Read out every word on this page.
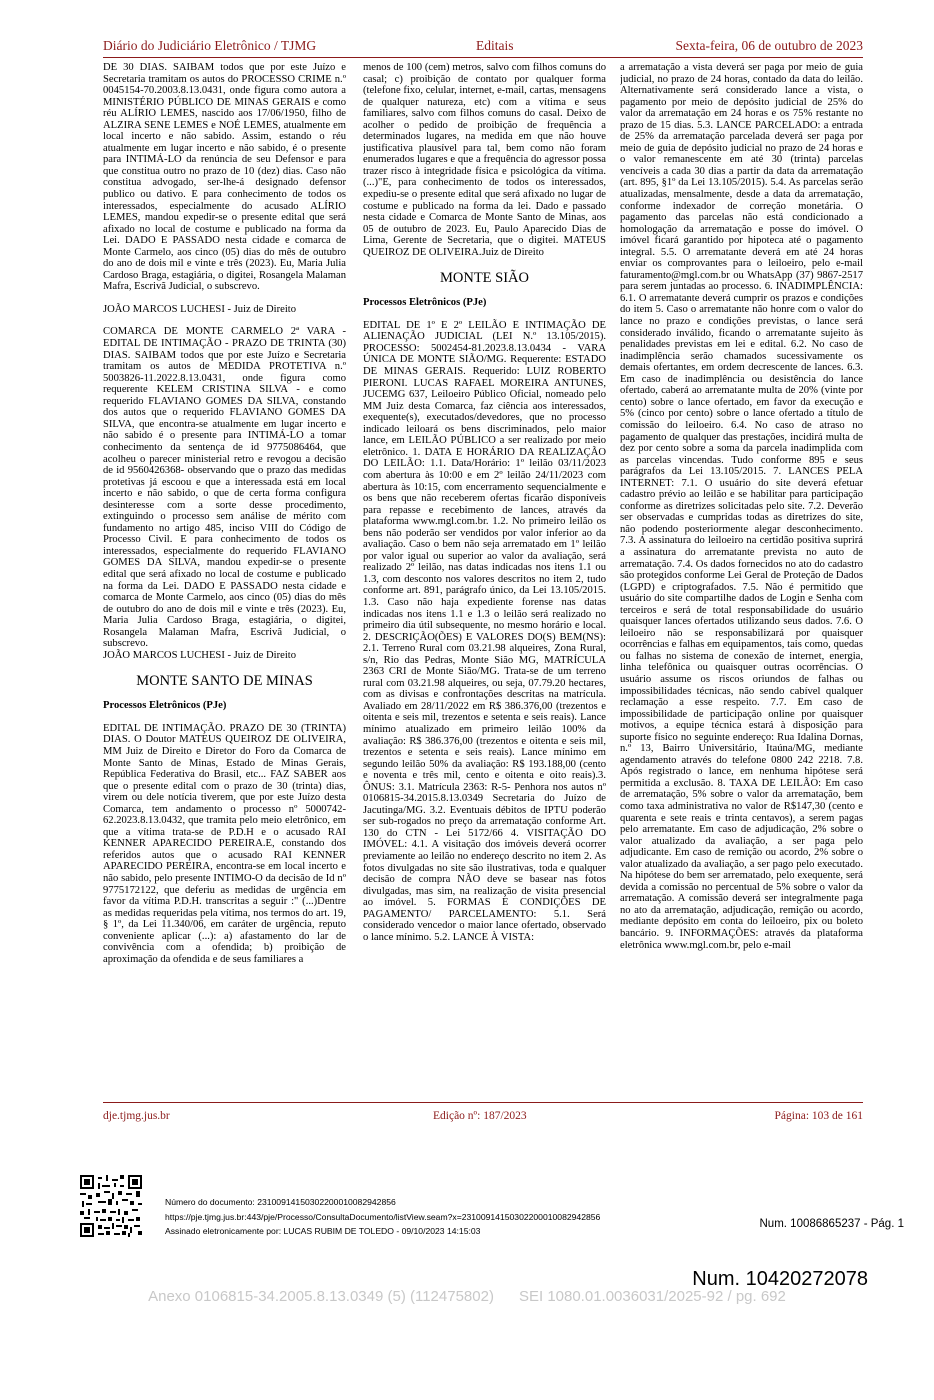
Diário do Judiciário Eletrônico / TJMG	Editais	Sexta-feira, 06 de outubro de 2023

DE 30 DIAS. SAIBAM todos que por este Juízo e Secretaria tramitam os autos do PROCESSO CRIME n.º 0045154-70.2003.8.13.0431, onde figura como autora a MINISTÉRIO PÚBLICO DE MINAS GERAIS e como réu ALÍRIO LEMES, nascido aos 17/06/1950, filho de ALZIRA SENE LEMES e NOÉ LEMES, atualmente em local incerto e não sabido. Assim, estando o réu atualmente em lugar incerto e não sabido, é o presente para INTIMÁ-LO da renúncia de seu Defensor e para que constitua outro no prazo de 10 (dez) dias. Caso não constitua advogado, ser-lhe-á designado defensor publico ou dativo. E para conhecimento de todos os interessados, especialmente do acusado ALÍRIO LEMES, mandou expedir-se o presente edital que será afixado no local de costume e publicado na forma da Lei. DADO E PASSADO nesta cidade e comarca de Monte Carmelo, aos cinco (05) dias do mês de outubro do ano de dois mil e vinte e três (2023). Eu, Maria Julia Cardoso Braga, estagiária, o digitei, Rosangela Malaman Mafra, Escrivã Judicial, o subscrevo.

JOÃO MARCOS LUCHESI - Juiz de Direito

COMARCA DE MONTE CARMELO 2ª VARA - EDITAL DE INTIMAÇÃO - PRAZO DE TRINTA (30) DIAS. SAIBAM todos que por este Juízo e Secretaria tramitam os autos de MEDIDA PROTETIVA n.º 5003826-11.2022.8.13.0431, onde figura como requerente KELEM CRISTINA SILVA - e como requerido FLAVIANO GOMES DA SILVA, constando dos autos que o requerido FLAVIANO GOMES DA SILVA, que encontra-se atualmente em lugar incerto e não sabido é o presente para INTIMÁ-LO a tomar conhecimento da sentença de id 9775086464, que acolheu o parecer ministerial retro e revogou a decisão de id 9560426368- observando que o prazo das medidas protetivas já escoou e que a interessada está em local incerto e não sabido, o que de certa forma configura desinteresse com a sorte desse procedimento, extinguindo o processo sem análise de mérito com fundamento no artigo 485, inciso VIII do Código de Processo Civil. E para conhecimento de todos os interessados, especialmente do requerido FLAVIANO GOMES DA SILVA, mandou expedir-se o presente edital que será afixado no local de costume e publicado na forma da Lei. DADO E PASSADO nesta cidade e comarca de Monte Carmelo, aos cinco (05) dias do mês de outubro do ano de dois mil e vinte e três (2023). Eu, Maria Julia Cardoso Braga, estagiária, o digitei, Rosangela Malaman Mafra, Escrivã Judicial, o subscrevo.

JOÃO MARCOS LUCHESI - Juiz de Direito

MONTE SANTO DE MINAS
Processos Eletrônicos (PJe)

EDITAL DE INTIMAÇÃO. PRAZO DE 30 (TRINTA) DIAS. O Doutor MATEUS QUEIROZ DE OLIVEIRA, MM Juiz de Direito e Diretor do Foro da Comarca de Monte Santo de Minas, Estado de Minas Gerais, República Federativa do Brasil, etc... FAZ SABER aos que o presente edital com o prazo de 30 (trinta) dias, virem ou dele notícia tiverem, que por este Juízo desta Comarca, tem andamento o processo nº 5000742-62.2023.8.13.0432, que tramita pelo meio eletrônico, em que a vítima trata-se de P.D.H e o acusado RAI KENNER APARECIDO PEREIRA.E, constando dos referidos autos que o acusado RAI KENNER APARECIDO PEREIRA, encontra-se em local incerto e não sabido, pelo presente INTIMO-O da decisão de Id nº 9775172122, que deferiu as medidas de urgência em favor da vítima P.D.H. transcritas a seguir :" (...)Dentre as medidas requeridas pela vítima, nos termos do art. 19, § 1º, da Lei 11.340/06, em caráter de urgência, reputo conveniente aplicar (...): a) afastamento do lar de convivência com a ofendida; b) proibição de aproximação da ofendida e de seus familiares a

menos de 100 (cem) metros, salvo com filhos comuns do casal; c) proibição de contato por qualquer forma (telefone fixo, celular, internet, e-mail, cartas, mensagens de qualquer natureza, etc) com a vítima e seus familiares, salvo com filhos comuns do casal. Deixo de acolher o pedido de proibição de frequência a determinados lugares, na medida em que não houve justificativa plausível para tal, bem como não foram enumerados lugares e que a frequência do agressor possa trazer risco à integridade física e psicológica da vítima.(...)"E, para conhecimento de todos os interessados, expediu-se o presente edital que será afixado no lugar de costume e publicado na forma da lei. Dado e passado nesta cidade e Comarca de Monte Santo de Minas, aos 05 de outubro de 2023. Eu, Paulo Aparecido Dias de Lima, Gerente de Secretaria, que o digitei. MATEUS QUEIROZ DE OLIVEIRA.Juiz de Direito

MONTE SIÃO
Processos Eletrônicos (PJe)

EDITAL DE 1º E 2º LEILÃO E INTIMAÇÃO DE ALIENAÇÃO JUDICIAL (LEI N.º 13.105/2015). PROCESSO: 5002454-81.2023.8.13.0434 - VARA ÚNICA DE MONTE SIÃO/MG. Requerente: ESTADO DE MINAS GERAIS. Requerido: LUIZ ROBERTO PIERONI. LUCAS RAFAEL MOREIRA ANTUNES, JUCEMG 637, Leiloeiro Público Oficial, nomeado pelo MM Juiz desta Comarca, faz ciência aos interessados, exequente(s), executados/devedores, que no processo indicado leiloará os bens discriminados, pelo maior lance, em LEILÃO PÚBLICO a ser realizado por meio eletrônico. 1. DATA E HORÁRIO DA REALIZAÇÃO DO LEILÃO: 1.1. Data/Horário: 1º leilão 03/11/2023 com abertura às 10:00 e em 2º leilão 24/11/2023 com abertura às 10:15, com encerramento sequencialmente e os bens que não receberem ofertas ficarão disponíveis para repasse e recebimento de lances, através da plataforma www.mgl.com.br. 1.2. No primeiro leilão os bens não poderão ser vendidos por valor inferior ao da avaliação. Caso o bem não seja arrematado em 1º leilão por valor igual ou superior ao valor da avaliação, será realizado 2º leilão, nas datas indicadas nos itens 1.1 ou 1.3, com desconto nos valores descritos no item 2, tudo conforme art. 891, parágrafo único, da Lei 13.105/2015. 1.3. Caso não haja expediente forense nas datas indicadas nos itens 1.1 e 1.3 o leilão será realizado no primeiro dia útil subsequente, no mesmo horário e local. 2. DESCRIÇÃO(ÕES) E VALORES DO(S) BEM(NS): 2.1. Terreno Rural com 03.21.98 alqueires, Zona Rural, s/n, Rio das Pedras, Monte Sião MG, MATRÍCULA 2363 CRI de Monte Sião/MG. Trata-se de um terreno rural com 03.21.98 alqueires, ou seja, 07.79.20 hectares, com as divisas e confrontações descritas na matrícula. Avaliado em 28/11/2022 em R$ 386.376,00 (trezentos e oitenta e seis mil, trezentos e setenta e seis reais). Lance mínimo atualizado em primeiro leilão 100% da avaliação: R$ 386.376,00 (trezentos e oitenta e seis mil, trezentos e setenta e seis reais). Lance mínimo em segundo leilão 50% da avaliação: R$ 193.188,00 (cento e noventa e três mil, cento e oitenta e oito reais).3. ÔNUS: 3.1. Matrícula 2363: R-5- Penhora nos autos nº 0106815-34.2015.8.13.0349 Secretaria do Juízo de Jacutinga/MG. 3.2. Eventuais débitos de IPTU poderão ser sub-rogados no preço da arrematação conforme Art. 130 do CTN - Lei 5172/66 4. VISITAÇÃO DO IMÓVEL: 4.1. A visitação dos imóveis deverá ocorrer previamente ao leilão no endereço descrito no item 2. As fotos divulgadas no site são ilustrativas, toda e qualquer decisão de compra NÃO deve se basear nas fotos divulgadas, mas sim, na realização de visita presencial ao imóvel. 5. FORMAS E CONDIÇÕES DE PAGAMENTO/ PARCELAMENTO: 5.1. Será considerado vencedor o maior lance ofertado, observado o lance mínimo. 5.2. LANCE À VISTA:

a arrematação a vista deverá ser paga por meio de guia judicial, no prazo de 24 horas, contado da data do leilão. Alternativamente será considerado lance a vista, o pagamento por meio de depósito judicial de 25% do valor da arrematação em 24 horas e os 75% restante no prazo de 15 dias. 5.3. LANCE PARCELADO: a entrada de 25% da arrematação parcelada deverá ser paga por meio de guia de depósito judicial no prazo de 24 horas e o valor remanescente em até 30 (trinta) parcelas vencíveis a cada 30 dias a partir da data da arrematação (art. 895, §1º da Lei 13.105/2015). 5.4. As parcelas serão atualizadas, mensalmente, desde a data da arrematação, conforme indexador de correção monetária. O pagamento das parcelas não está condicionado a homologação da arrematação e posse do imóvel. O imóvel ficará garantido por hipoteca até o pagamento integral. 5.5. O arrematante deverá em até 24 horas enviar os comprovantes para o leiloeiro, pelo e-mail faturamento@mgl.com.br ou WhatsApp (37) 9867-2517 para serem juntadas ao processo. 6. INADIMPLÊNCIA: 6.1. O arrematante deverá cumprir os prazos e condições do item 5. Caso o arrematante não honre com o valor do lance no prazo e condições previstas, o lance será considerado inválido, ficando o arrematante sujeito às penalidades previstas em lei e edital. 6.2. No caso de inadimplência serão chamados sucessivamente os demais ofertantes, em ordem decrescente de lances. 6.3. Em caso de inadimplência ou desistência do lance ofertado, caberá ao arrematante multa de 20% (vinte por cento) sobre o lance ofertado, em favor da execução e 5% (cinco por cento) sobre o lance ofertado a título de comissão do leiloeiro. 6.4. No caso de atraso no pagamento de qualquer das prestações, incidirá multa de dez por cento sobre a soma da parcela inadimplida com as parcelas vincendas. Tudo conforme 895 e seus parágrafos da Lei 13.105/2015. 7. LANCES PELA INTERNET: 7.1. O usuário do site deverá efetuar cadastro prévio ao leilão e se habilitar para participação conforme as diretrizes solicitadas pelo site. 7.2. Deverão ser observadas e cumpridas todas as diretrizes do site, não podendo posteriormente alegar desconhecimento. 7.3. A assinatura do leiloeiro na certidão positiva suprirá a assinatura do arrematante prevista no auto de arrematação. 7.4. Os dados fornecidos no ato do cadastro são protegidos conforme Lei Geral de Proteção de Dados (LGPD) e criptografados. 7.5. Não é permitido que usuário do site compartilhe dados de Login e Senha com terceiros e será de total responsabilidade do usuário quaisquer lances ofertados utilizando seus dados. 7.6. O leiloeiro não se responsabilizará por quaisquer ocorrências e falhas em equipamentos, tais como, quedas ou falhas no sistema de conexão de internet, energia, linha telefônica ou quaisquer outras ocorrências. O usuário assume os riscos oriundos de falhas ou impossibilidades técnicas, não sendo cabível qualquer reclamação a esse respeito. 7.7. Em caso de impossibilidade de participação online por quaisquer motivos, a equipe técnica estará à disposição para suporte físico no seguinte endereço: Rua Idalina Dornas, n.º 13, Bairro Universitário, Itaúna/MG, mediante agendamento através do telefone 0800 242 2218. 7.8. Após registrado o lance, em nenhuma hipótese será permitida a exclusão. 8. TAXA DE LEILÃO: Em caso de arrematação, 5% sobre o valor da arrematação, bem como taxa administrativa no valor de R$147,30 (cento e quarenta e sete reais e trinta centavos), a serem pagas pelo arrematante. Em caso de adjudicação, 2% sobre o valor atualizado da avaliação, a ser paga pelo adjudicante. Em caso de remição ou acordo, 2% sobre o valor atualizado da avaliação, a ser pago pelo executado. Na hipótese do bem ser arrematado, pelo exequente, será devida a comissão no percentual de 5% sobre o valor da arrematação. A comissão deverá ser integralmente paga no ato da arrematação, adjudicação, remição ou acordo, mediante depósito em conta do leiloeiro, pix ou boleto bancário. 9. INFORMAÇÕES: através da plataforma eletrônica www.mgl.com.br, pelo e-mail

dje.tjmg.jus.br	Edição nº: 187/2023	Página: 103 de 161
Número do documento: 23100914150302200010082942856
https://pje.tjmg.jus.br:443/pje/Processo/ConsultaDocumento/listView.seam?x=23100914150302200010082942856
Assinado eletronicamente por: LUCAS RUBIM DE TOLEDO - 09/10/2023 14:15:03
Num. 10086865237 - Pág. 1
Num. 10420272078
Anexo 0106815-34.2005.8.13.0349 (5) (112475802) SEI 1080.01.0036031/2025-92 / pg. 692
